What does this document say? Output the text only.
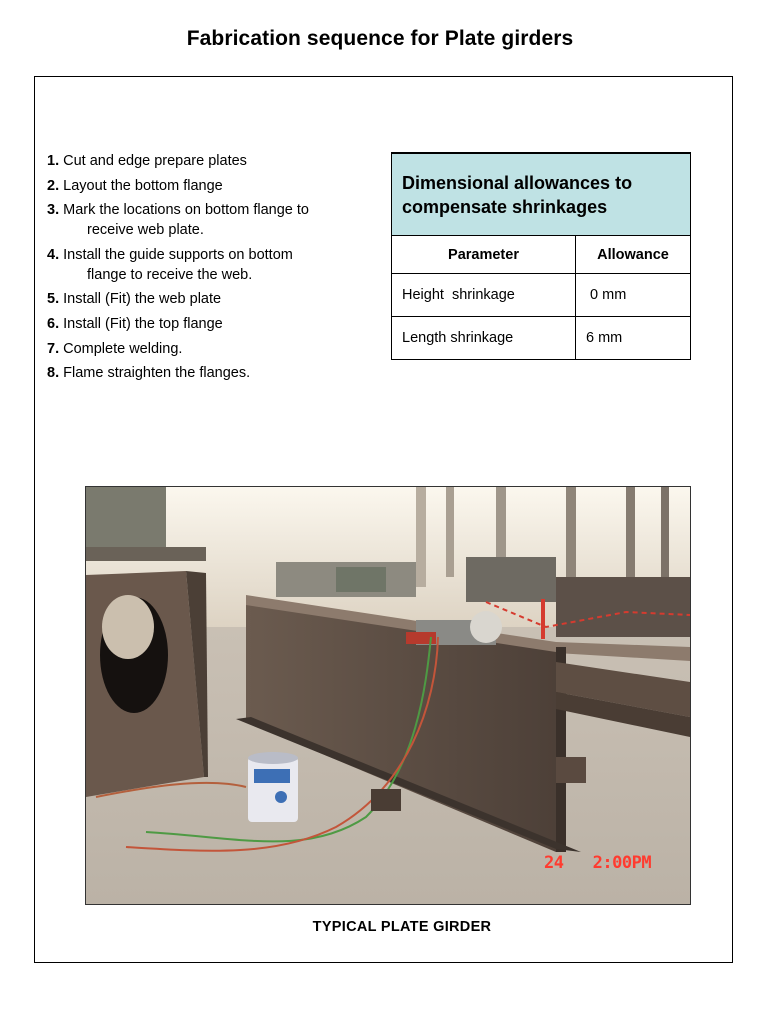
Fabrication sequence for Plate girders
1. Cut and edge prepare plates
2. Layout the bottom flange
3. Mark the locations on bottom flange to
receive web plate.
4. Install the guide supports on bottom
flange to receive the web.
5. Install (Fit) the web plate
6. Install (Fit) the top flange
7. Complete welding.
8. Flame straighten the flanges.
Dimensional allowances to
compensate shrinkages	
Parameter	Allowance
Height  shrinkage	0 mm
Length shrinkage	6 mm
24   2:00PM
TYPICAL PLATE GIRDER
